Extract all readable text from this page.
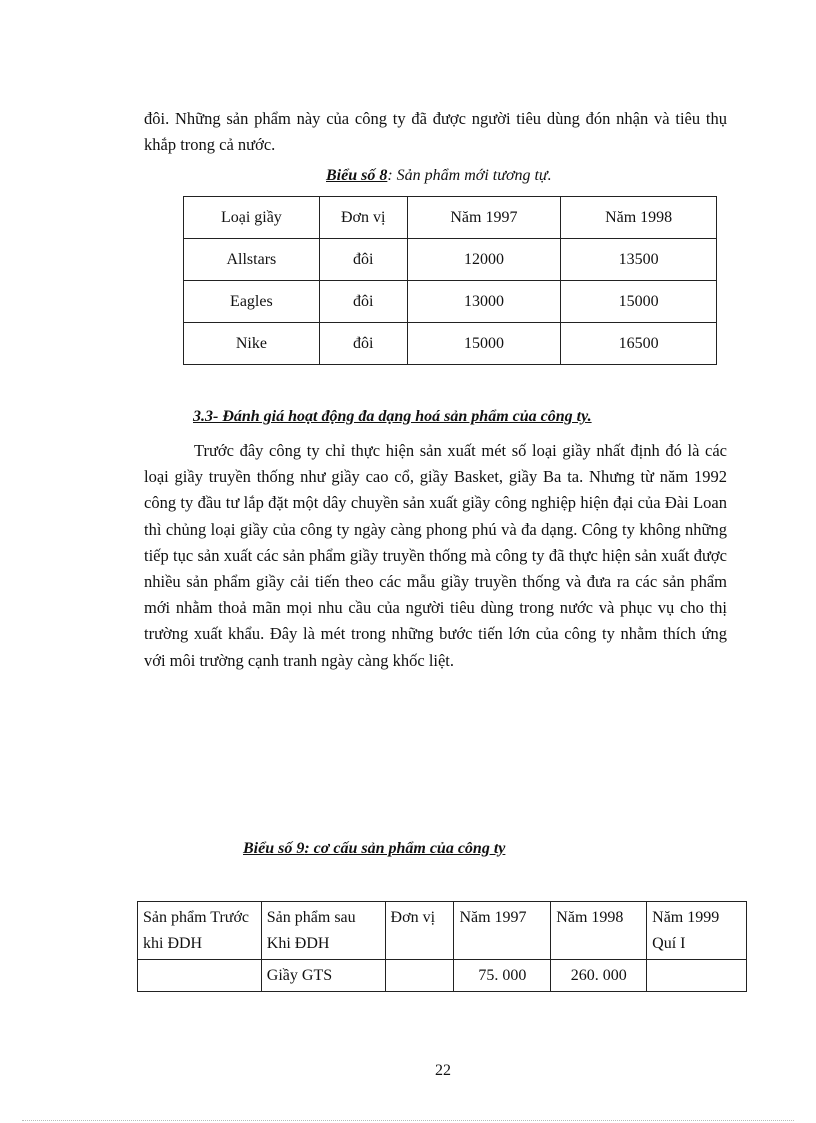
đôi. Những sản phẩm này của công ty đã được người tiêu dùng đón nhận và tiêu thụ khắp trong cả nước.

Biểu số 8: Sản phẩm mới tương tự.
Loại giầy	Đơn vị	Năm 1997	Năm 1998
Allstars	đôi	12000	13500
Eagles	đôi	13000	15000
Nike	đôi	15000	16500
3.3- Đánh giá hoạt động đa dạng hoá sản phẩm của công ty.

Trước đây công ty chỉ thực hiện sản xuất mét số loại giầy nhất định đó là các loại giầy truyền thống như giầy cao cổ, giầy Basket, giầy Ba ta. Nhưng từ năm 1992 công ty đầu tư lắp đặt một dây chuyền sản xuất giầy công nghiệp hiện đại của Đài Loan thì chủng loại giầy của công ty ngày càng phong phú và đa dạng. Công ty không những tiếp tục sản xuất các sản phẩm giầy truyền thống mà công ty đã thực hiện sản xuất được nhiều sản phẩm giầy cải tiến theo các mẫu giầy truyền thống và đưa ra các sản phẩm mới nhằm thoả mãn mọi nhu cầu của người tiêu dùng trong nước và phục vụ cho thị trường xuất khẩu. Đây là mét trong những bước tiến lớn của công ty nhằm thích ứng với môi trường cạnh tranh ngày càng khốc liệt.

Biểu số 9: cơ cấu sản phẩm của công ty
Sản phẩm Trước khi ĐDH	Sản phẩm sau Khi ĐDH	Đơn vị	Năm 1997	Năm 1998	Năm 1999 Quí I
	Giầy GTS		75. 000	260. 000	
22
